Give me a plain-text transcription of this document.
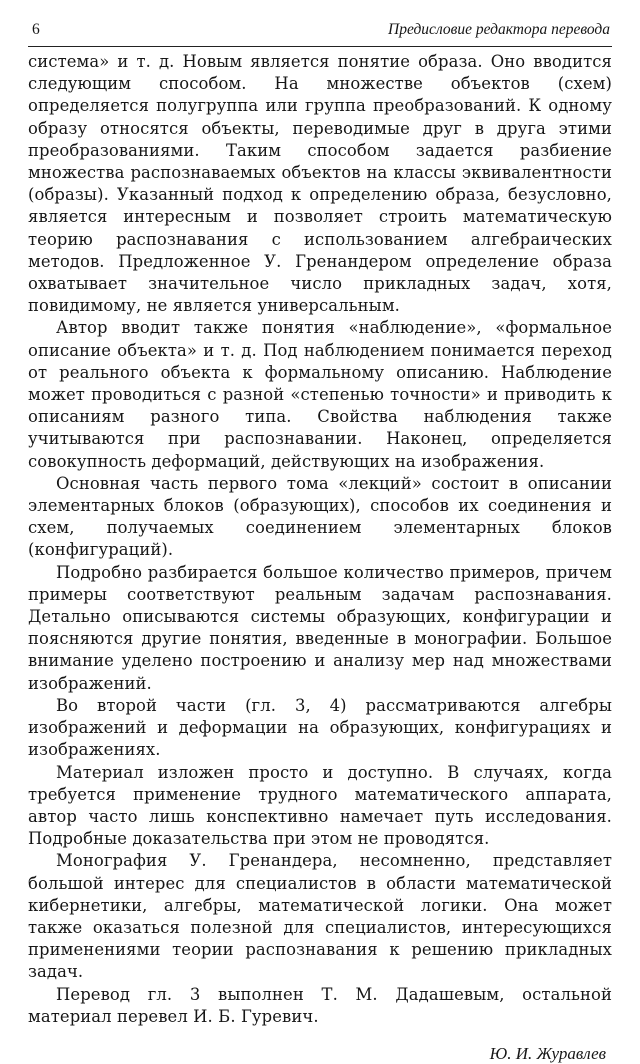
6	Предисловие редактора перевода

система» и т. д. Новым является понятие образа. Оно вводится следующим способом. На множестве объектов (схем) определяется полугруппа или группа преобразований. К одному образу относятся объекты, переводимые друг в друга этими преобразованиями. Таким способом задается разбиение множества распознаваемых объектов на классы эквивалентности (образы). Указанный подход к определению образа, безусловно, является интересным и позволяет строить математическую теорию распознавания с использованием алгебраических методов. Предложенное У. Гренандером определение образа охватывает значительное число прикладных задач, хотя, повидимому, не является универсальным.

Автор вводит также понятия «наблюдение», «формальное описание объекта» и т. д. Под наблюдением понимается переход от реального объекта к формальному описанию. Наблюдение может проводиться с разной «степенью точности» и приводить к описаниям разного типа. Свойства наблюдения также учитываются при распознавании. Наконец, определяется совокупность деформаций, действующих на изображения.

Основная часть первого тома «лекций» состоит в описании элементарных блоков (образующих), способов их соединения и схем, получаемых соединением элементарных блоков (конфигураций).

Подробно разбирается большое количество примеров, причем примеры соответствуют реальным задачам распознавания. Детально описываются системы образующих, конфигурации и поясняются другие понятия, введенные в монографии. Большое внимание уделено построению и анализу мер над множествами изображений.

Во второй части (гл. 3, 4) рассматриваются алгебры изображений и деформации на образующих, конфигурациях и изображениях.

Материал изложен просто и доступно. В случаях, когда требуется применение трудного математического аппарата, автор часто лишь конспективно намечает путь исследования. Подробные доказательства при этом не проводятся.

Монография У. Гренандера, несомненно, представляет большой интерес для специалистов в области математической кибернетики, алгебры, математической логики. Она может также оказаться полезной для специалистов, интересующихся применениями теории распознавания к решению прикладных задач.

Перевод гл. 3 выполнен Т. М. Дадашевым, остальной материал перевел И. Б. Гуревич.

Ю. И. Журавлев
